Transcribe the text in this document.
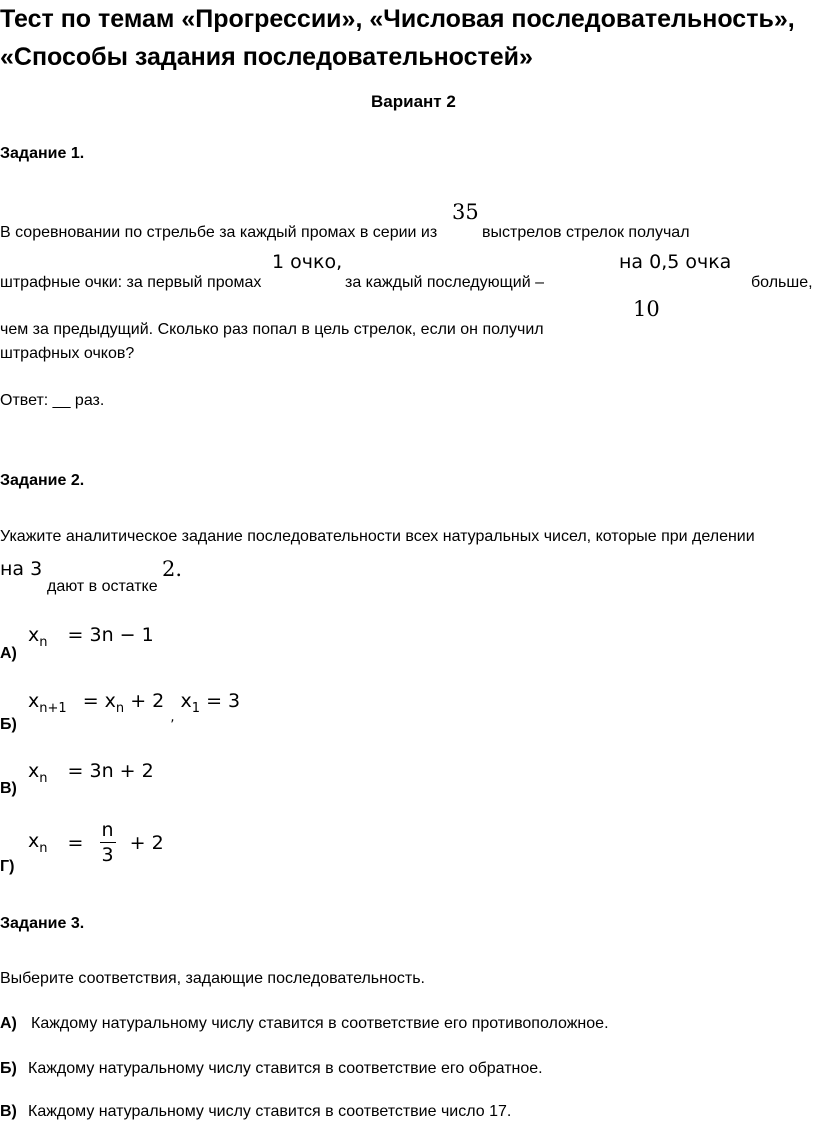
Тест по темам «Прогрессии», «Числовая последовательность»,
«Способы задания последовательностей»
Вариант 2
Задание 1.
В соревновании по стрельбе за каждый промах в серии из
35
выстрелов стрелок получал
штрафные очки: за первый промах
1 очко,
за каждый последующий –
на 0,5 очка
больше,
10
чем за предыдущий. Сколько раз попал в цель стрелок, если он получил
штрафных очков?
Ответ: __ раз.
Задание 2.
Укажите аналитическое задание последовательности всех натуральных чисел, которые при делении
на 3
дают в остатке
2.
А)
$x_n = 3n - 1$
Б)
$x_{n+1} = x_n + 2$ $_,$ $x_1 = 3$
В)
$x_n = 3n + 2$
Г)
$x_n = \frac{n}{3} + 2$
Задание 3.
Выберите соответствия, задающие последовательность.
А) Каждому натуральному числу ставится в соответствие его противоположное.
Б) Каждому натуральному числу ставится в соответствие его обратное.
В) Каждому натуральному числу ставится в соответствие число 17.
